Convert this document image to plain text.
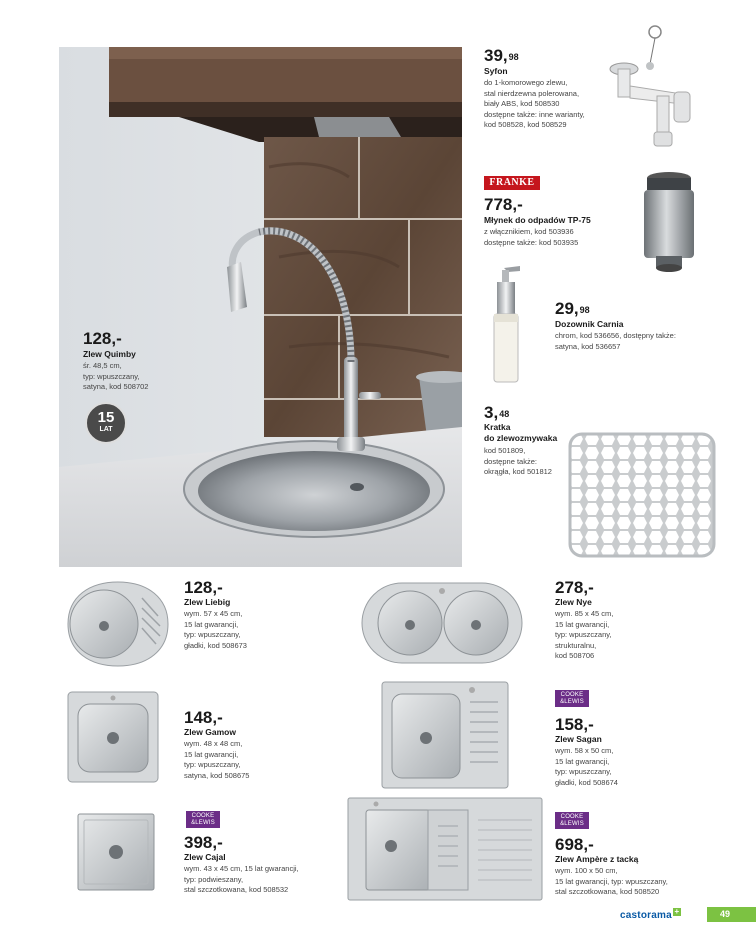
128,-
Zlew Quimby
śr. 48,5 cm,
typ: wpuszczany,
satyna, kod 508702
15
LAT
39,98
Syfon
do 1-komorowego zlewu,
stal nierdzewna polerowana,
biały ABS, kod 508530
dostępne także: inne warianty,
kod 508528, kod 508529
FRANKE
778,-
Młynek do odpadów TP-75
z włącznikiem, kod 503936
dostępne także: kod 503935
29,98
Dozownik Carnia
chrom, kod 536656, dostępny także:
satyna, kod 536657
3,48
Kratka
do zlewozmywaka
kod 501809,
dostępne także:
okrągła, kod 501812
128,-
Zlew Liebig
wym. 57 x 45 cm,
15 lat gwarancji,
typ: wpuszczany,
gładki, kod 508673
278,-
Zlew Nye
wym. 85 x 45 cm,
15 lat gwarancji,
typ: wpuszczany,
strukturalnu,
kod 508706
148,-
Zlew Gamow
wym. 48 x 48 cm,
15 lat gwarancji,
typ: wpuszczany,
satyna, kod 508675
COOKE
&LEWIS
158,-
Zlew Sagan
wym. 58 x 50 cm,
15 lat gwarancji,
typ: wpuszczany,
gładki, kod 508674
COOKE
&LEWIS
398,-
Zlew Cajal
wym. 43 x 45 cm, 15 lat gwarancji,
typ: podwieszany,
stal szczotkowana, kod 508532
COOKE
&LEWIS
698,-
Zlew Ampère z tacką
wym. 100 x 50 cm,
15 lat gwarancji, typ: wpuszczany,
stal szczotkowana, kod 508520
castorama +	49
